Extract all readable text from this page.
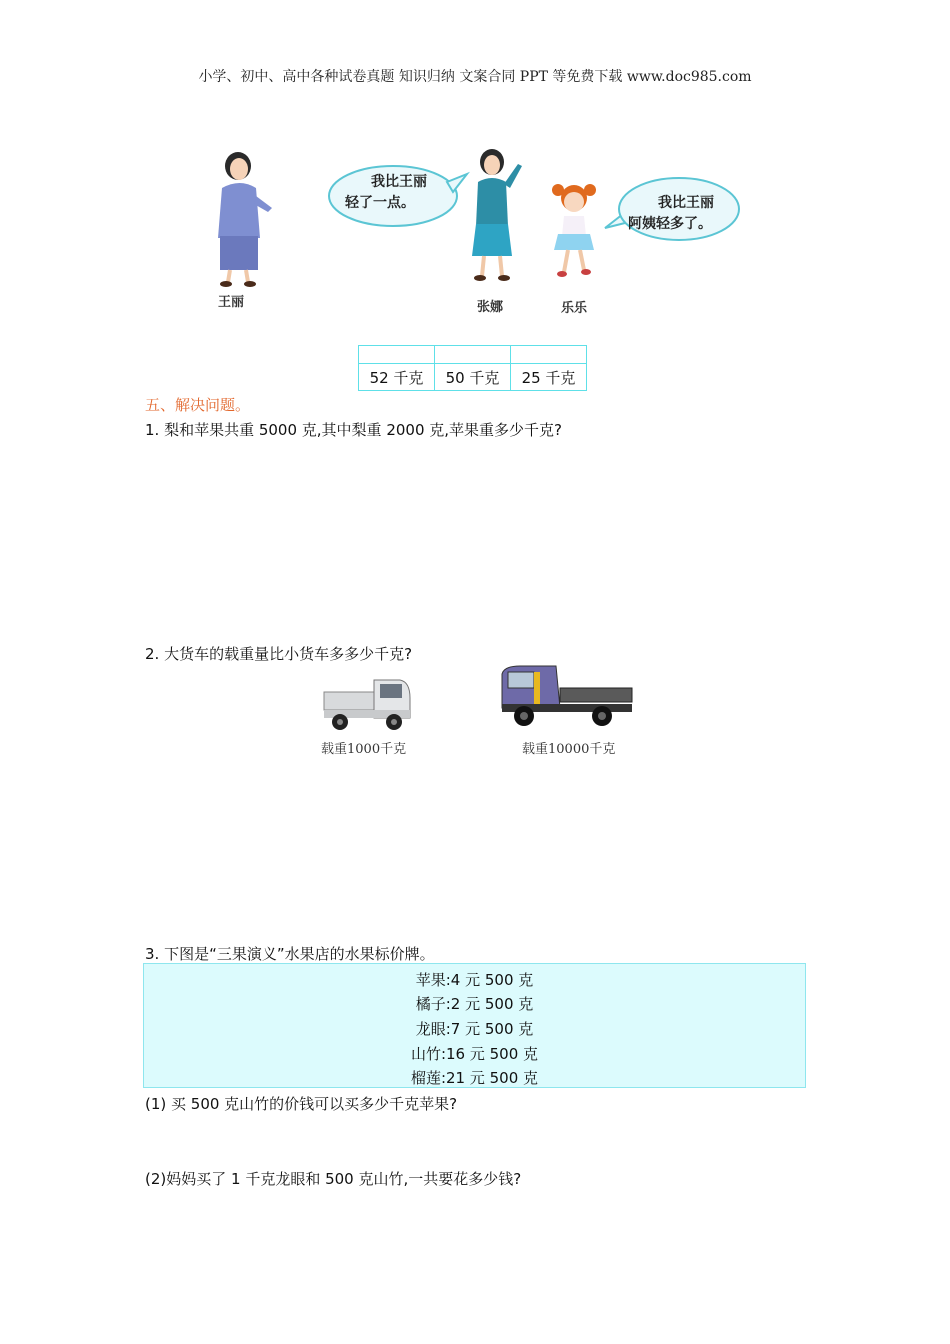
小学、初中、高中各种试卷真题 知识归纳 文案合同 PPT 等免费下载 www.doc985.com
王丽
我比王丽
轻了一点。
张娜	乐乐
我比王丽
阿姨轻多了。

52 千克	50 千克	25 千克
五、解决问题。
1. 梨和苹果共重 5000 克,其中梨重 2000 克,苹果重多少千克?
2. 大货车的载重量比小货车多多少千克?
载重1000千克	载重10000千克
3. 下图是“三果演义”水果店的水果标价牌。
苹果:4 元 500 克
橘子:2 元 500 克
龙眼:7 元 500 克
山竹:16 元 500 克
榴莲:21 元 500 克
(1) 买 500 克山竹的价钱可以买多少千克苹果?
(2)妈妈买了 1 千克龙眼和 500 克山竹,一共要花多少钱?
